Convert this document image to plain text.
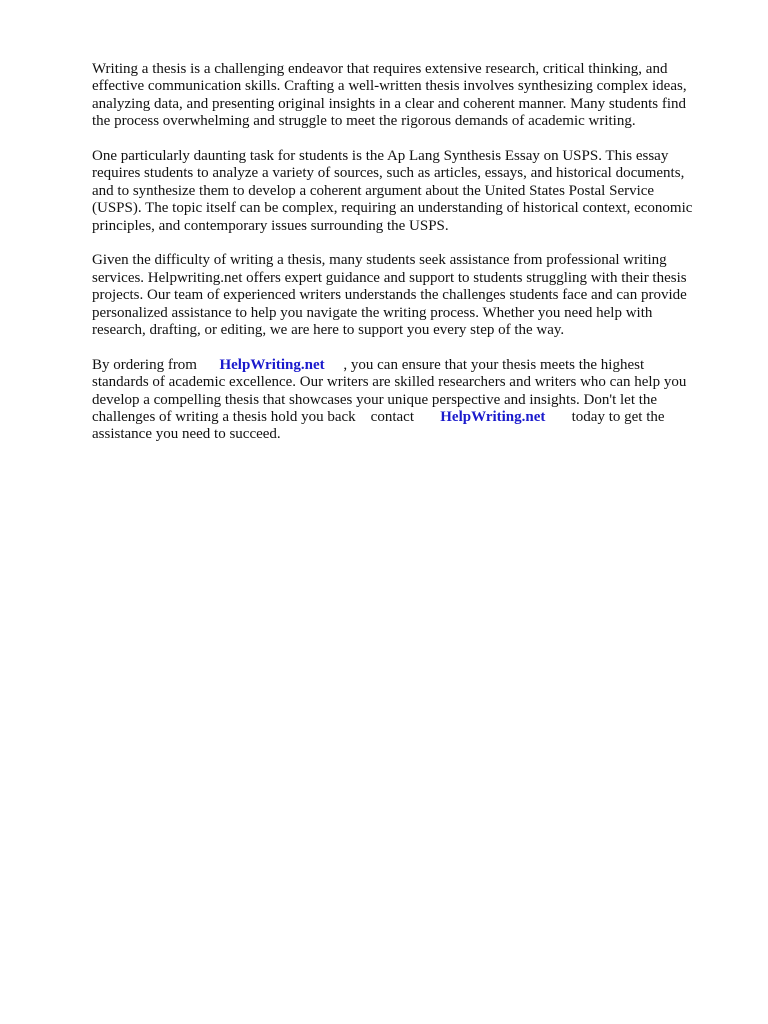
Writing a thesis is a challenging endeavor that requires extensive research, critical thinking, and
effective communication skills. Crafting a well-written thesis involves synthesizing complex ideas,
analyzing data, and presenting original insights in a clear and coherent manner. Many students find
the process overwhelming and struggle to meet the rigorous demands of academic writing.

One particularly daunting task for students is the Ap Lang Synthesis Essay on USPS. This essay
requires students to analyze a variety of sources, such as articles, essays, and historical documents,
and to synthesize them to develop a coherent argument about the United States Postal Service
(USPS). The topic itself can be complex, requiring an understanding of historical context, economic
principles, and contemporary issues surrounding the USPS.

Given the difficulty of writing a thesis, many students seek assistance from professional writing
services. Helpwriting.net offers expert guidance and support to students struggling with their thesis
projects. Our team of experienced writers understands the challenges students face and can provide
personalized assistance to help you navigate the writing process. Whether you need help with
research, drafting, or editing, we are here to support you every step of the way.

By ordering from      HelpWriting.net     , you can ensure that your thesis meets the highest
standards of academic excellence. Our writers are skilled researchers and writers who can help you
develop a compelling thesis that showcases your unique perspective and insights. Don't let the
challenges of writing a thesis hold you back    contact       HelpWriting.net       today to get the
assistance you need to succeed.
